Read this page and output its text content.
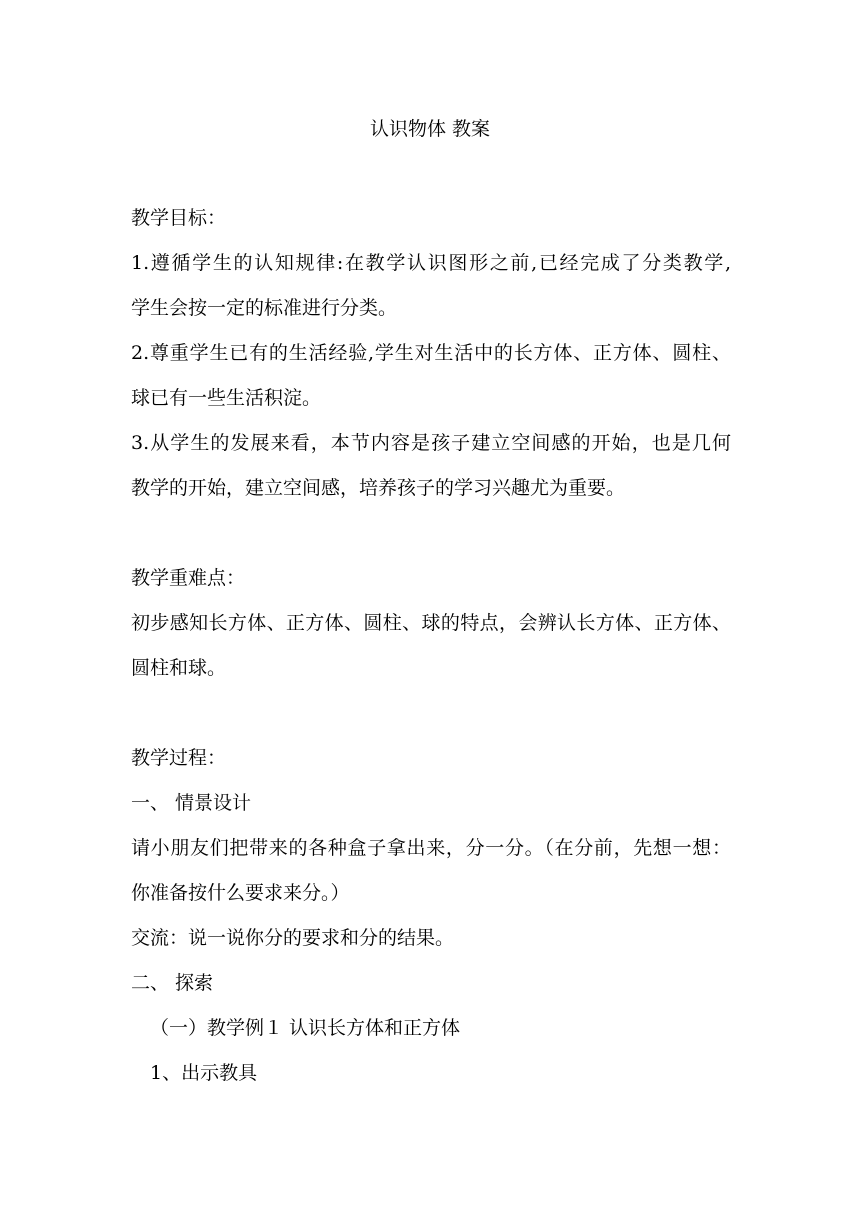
认识物体 教案
教学目标：
1.遵循学生的认知规律:在教学认识图形之前,已经完成了分类教学,
学生会按一定的标准进行分类。
2.尊重学生已有的生活经验,学生对生活中的长方体、正方体、圆柱、
球已有一些生活积淀。
3.从学生的发展来看，本节内容是孩子建立空间感的开始，也是几何
教学的开始，建立空间感，培养孩子的学习兴趣尤为重要。
教学重难点：
初步感知长方体、正方体、圆柱、球的特点，会辨认长方体、正方体、
圆柱和球。
教学过程：
一、 情景设计
请小朋友们把带来的各种盒子拿出来，分一分。（在分前，先想一想：
你准备按什么要求来分。）
交流：说一说你分的要求和分的结果。
二、 探索
（一）教学例１ 认识长方体和正方体
1、出示教具
